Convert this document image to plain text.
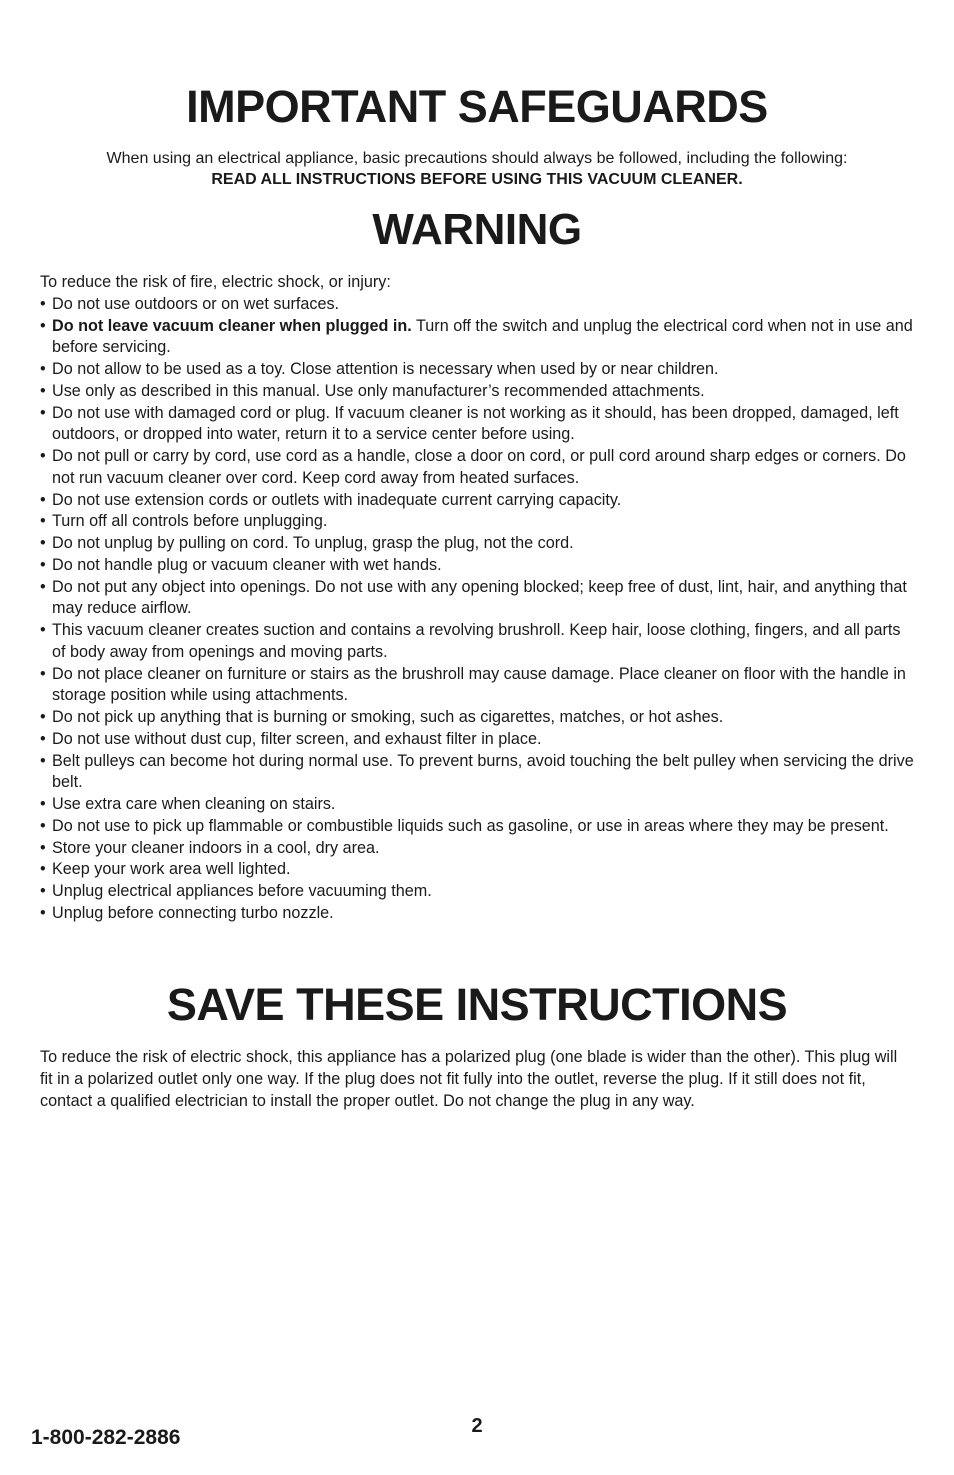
IMPORTANT SAFEGUARDS
When using an electrical appliance, basic precautions should always be followed, including the following:
READ ALL INSTRUCTIONS BEFORE USING THIS VACUUM CLEANER.
WARNING

To reduce the risk of fire, electric shock, or injury:

• Do not use outdoors or on wet surfaces.
• Do not leave vacuum cleaner when plugged in. Turn off the switch and unplug the electrical cord when not in use and before servicing.
• Do not allow to be used as a toy. Close attention is necessary when used by or near children.
• Use only as described in this manual. Use only manufacturer’s recommended attachments.
• Do not use with damaged cord or plug. If vacuum cleaner is not working as it should, has been dropped, damaged, left outdoors, or dropped into water, return it to a service center before using.
• Do not pull or carry by cord, use cord as a handle, close a door on cord, or pull cord around sharp edges or corners. Do not run vacuum cleaner over cord. Keep cord away from heated surfaces.
• Do not use extension cords or outlets with inadequate current carrying capacity.
• Turn off all controls before unplugging.
• Do not unplug by pulling on cord. To unplug, grasp the plug, not the cord.
• Do not handle plug or vacuum cleaner with wet hands.
• Do not put any object into openings. Do not use with any opening blocked; keep free of dust, lint, hair, and anything that may reduce airflow.
• This vacuum cleaner creates suction and contains a revolving brushroll. Keep hair, loose clothing, fingers, and all parts of body away from openings and moving parts.
• Do not place cleaner on furniture or stairs as the brushroll may cause damage. Place cleaner on floor with the handle in storage position while using attachments.
• Do not pick up anything that is burning or smoking, such as cigarettes, matches, or hot ashes.
• Do not use without dust cup, filter screen, and exhaust filter in place.
• Belt pulleys can become hot during normal use. To prevent burns, avoid touching the belt pulley when servicing the drive belt.
• Use extra care when cleaning on stairs.
• Do not use to pick up flammable or combustible liquids such as gasoline, or use in areas where they may be present.
• Store your cleaner indoors in a cool, dry area.
• Keep your work area well lighted.
• Unplug electrical appliances before vacuuming them.
• Unplug before connecting turbo nozzle.
SAVE THESE INSTRUCTIONS

To reduce the risk of electric shock, this appliance has a polarized plug (one blade is wider than the other). This plug will fit in a polarized outlet only one way. If the plug does not fit fully into the outlet, reverse the plug. If it still does not fit, contact a qualified electrician to install the proper outlet. Do not change the plug in any way.

2
1-800-282-2886
